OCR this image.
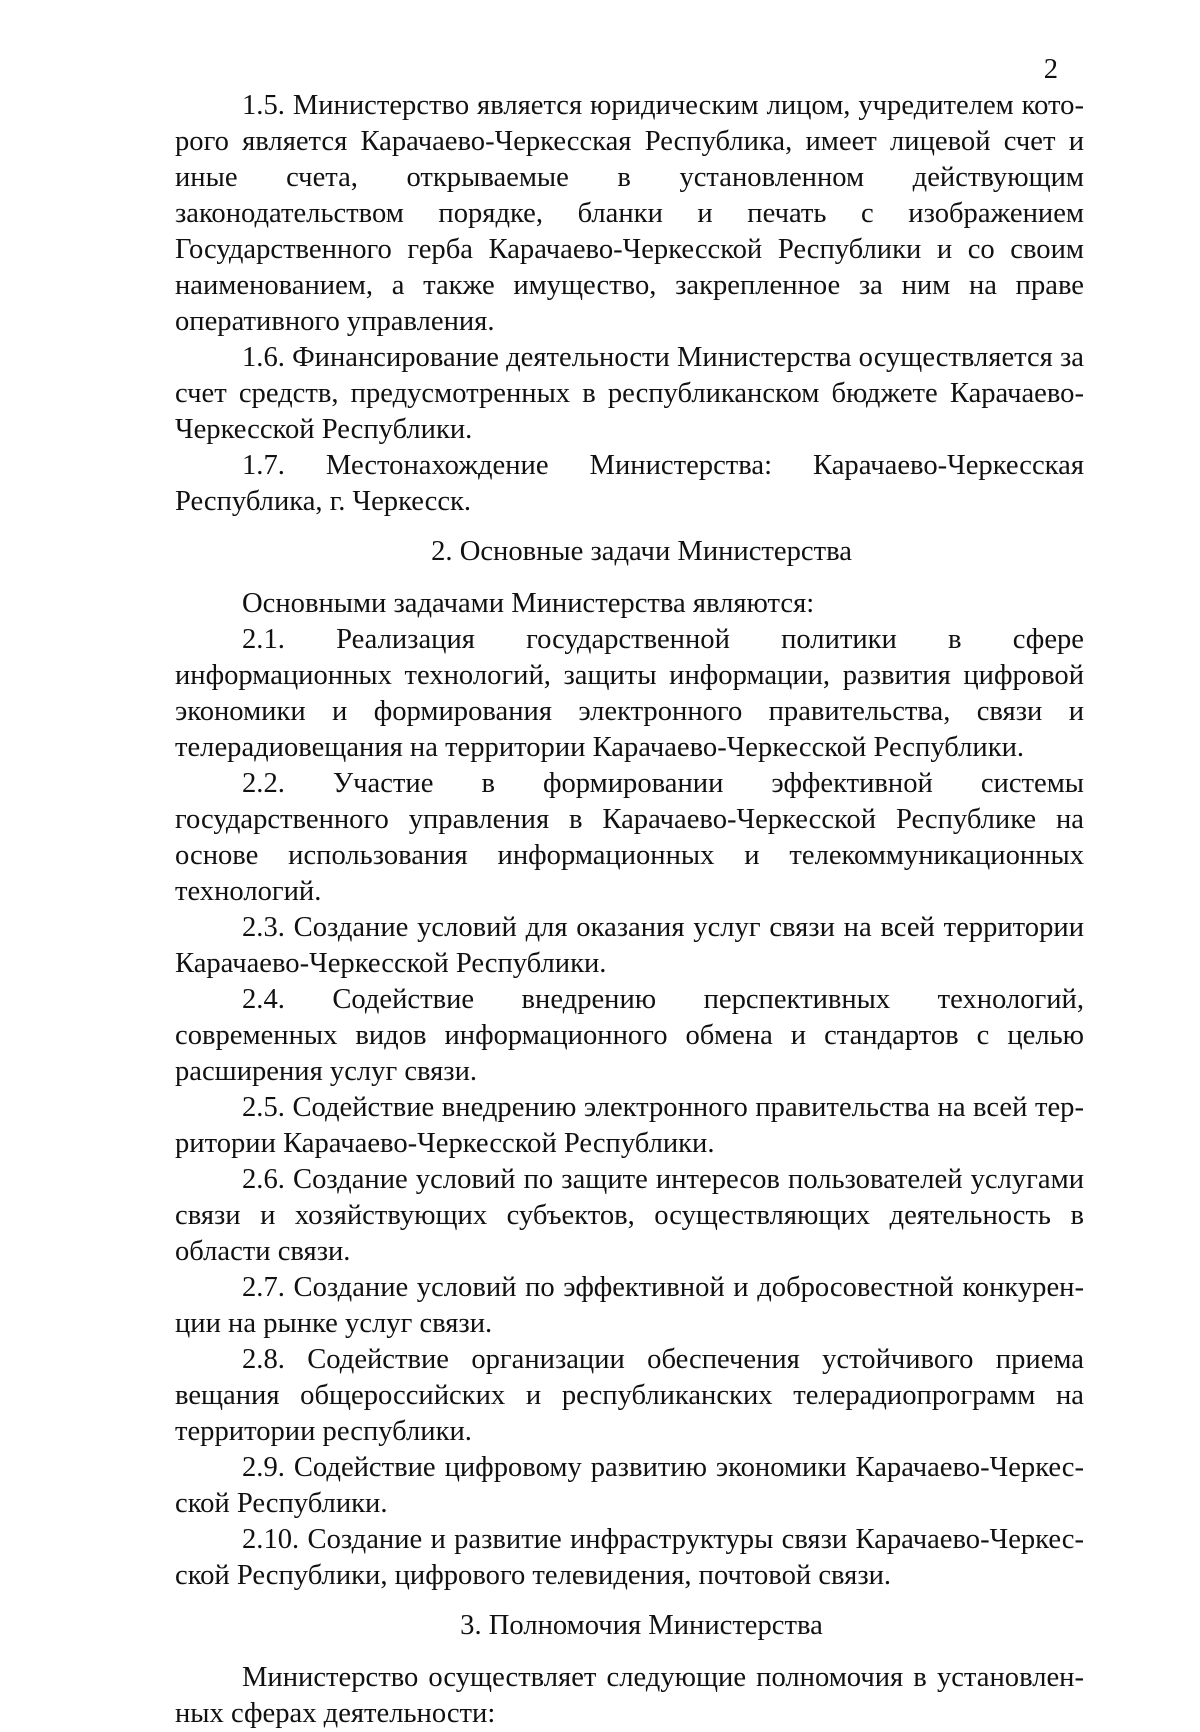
2

1.5. Министерство является юридическим лицом, учредителем которого является Карачаево-Черкесская Республика, имеет лицевой счет и иные счета, открываемые в установленном действующим законодательством порядке, бланки и печать с изображением Государственного герба Карачаево-Черкесской Республики и со своим наименованием, а также имущество, закрепленное за ним на праве оперативного управления.

1.6. Финансирование деятельности Министерства осуществляется за счет средств, предусмотренных в республиканском бюджете Карачаево-Черкесской Республики.

1.7. Местонахождение Министерства: Карачаево-Черкесская Республика, г. Черкесск.

2. Основные задачи Министерства

Основными задачами Министерства являются:

2.1. Реализация государственной политики в сфере информационных технологий, защиты информации, развития цифровой экономики и формирования электронного правительства, связи и телерадиовещания на территории Карачаево-Черкесской Республики.

2.2. Участие в формировании эффективной системы государственного управления в Карачаево-Черкесской Республике на основе использования информационных и телекоммуникационных технологий.

2.3. Создание условий для оказания услуг связи на всей территории Карачаево-Черкесской Республики.

2.4. Содействие внедрению перспективных технологий, современных видов информационного обмена и стандартов с целью расширения услуг связи.

2.5. Содействие внедрению электронного правительства на всей территории Карачаево-Черкесской Республики.

2.6. Создание условий по защите интересов пользователей услугами связи и хозяйствующих субъектов, осуществляющих деятельность в области связи.

2.7. Создание условий по эффективной и добросовестной конкуренции на рынке услуг связи.

2.8. Содействие организации обеспечения устойчивого приема вещания общероссийских и республиканских телерадиопрограмм на территории республики.

2.9. Содействие цифровому развитию экономики Карачаево-Черкесской Республики.

2.10. Создание и развитие инфраструктуры связи Карачаево-Черкесской Республики, цифрового телевидения, почтовой связи.

3. Полномочия Министерства

Министерство осуществляет следующие полномочия в установленных сферах деятельности:
